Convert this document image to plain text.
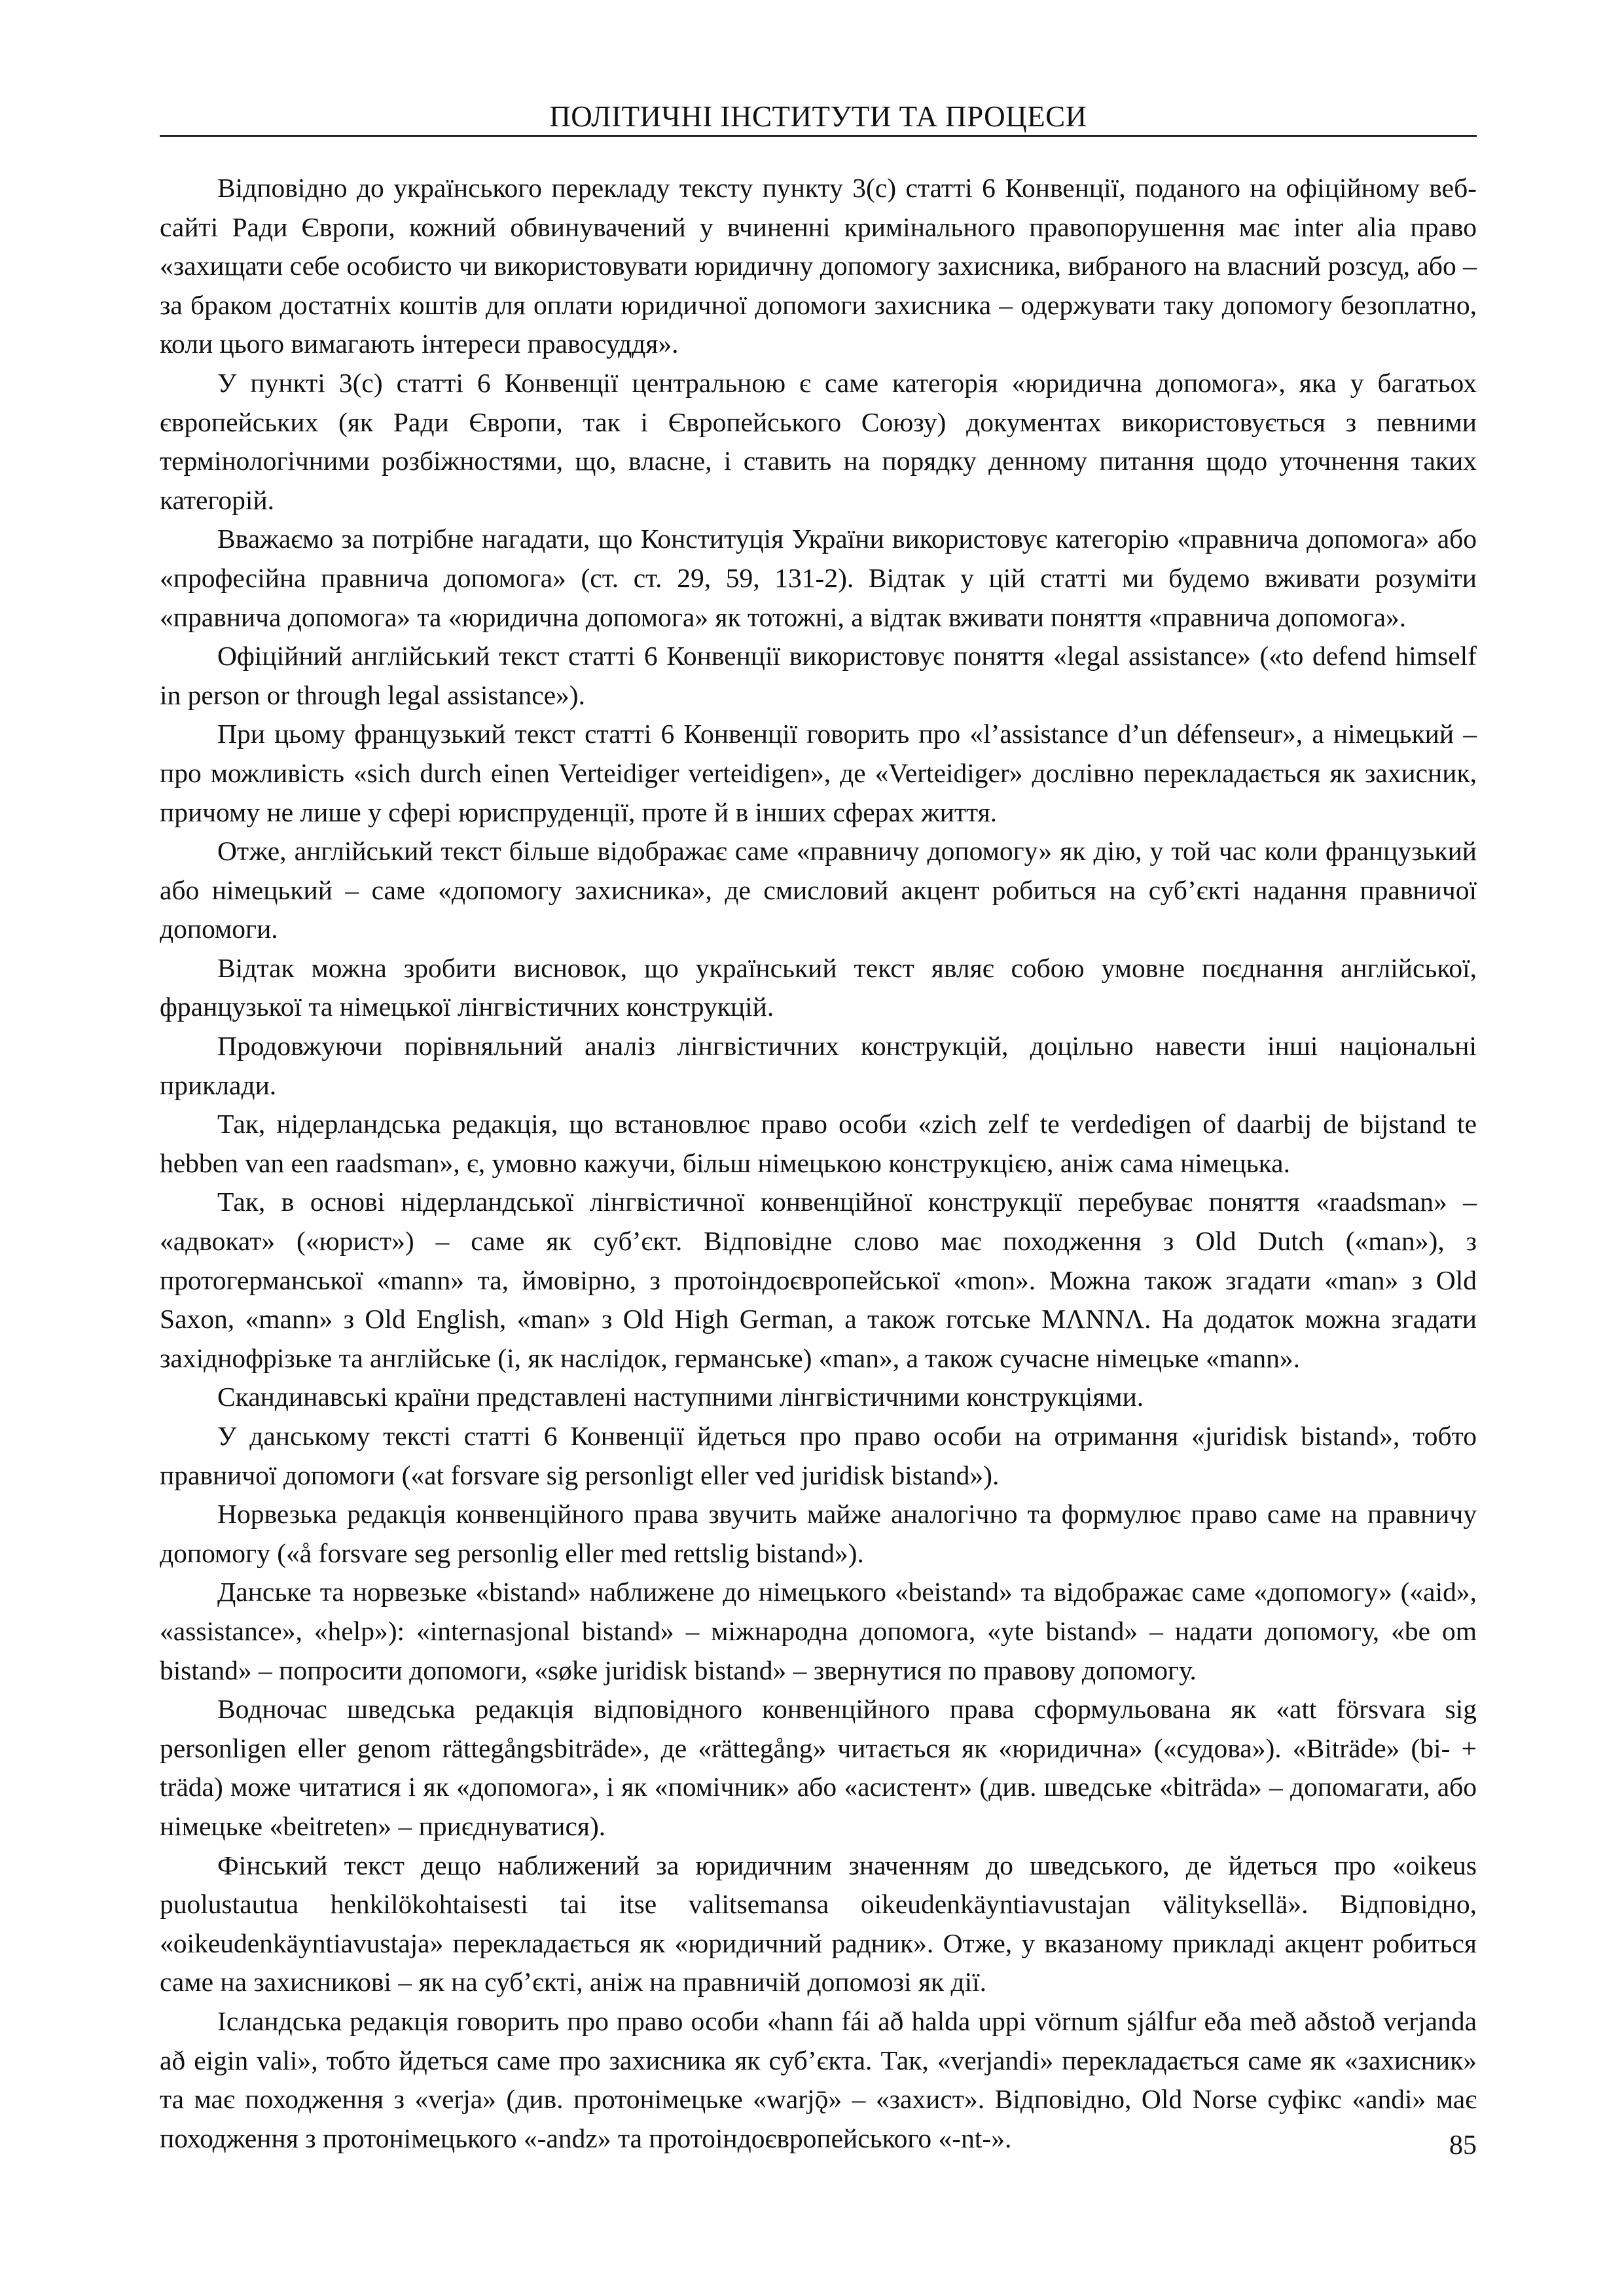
ПОЛІТИЧНІ ІНСТИТУТИ ТА ПРОЦЕСИ

Відповідно до українського перекладу тексту пункту 3(с) статті 6 Конвенції, поданого на офіційному веб-сайті Ради Європи, кожний обвинувачений у вчиненні кримінального правопорушення має inter alia право «захищати себе особисто чи використовувати юридичну допомогу захисника, вибраного на власний розсуд, або – за браком достатніх коштів для оплати юридичної допомоги захисника – одержувати таку допомогу безоплатно, коли цього вимагають інтереси правосуддя».

У пункті 3(с) статті 6 Конвенції центральною є саме категорія «юридична допомога», яка у багатьох європейських (як Ради Європи, так і Європейського Союзу) документах використовується з певними термінологічними розбіжностями, що, власне, і ставить на порядку денному питання щодо уточнення таких категорій.

Вважаємо за потрібне нагадати, що Конституція України використовує категорію «правнича допомога» або «професійна правнича допомога» (ст. ст. 29, 59, 131-2). Відтак у цій статті ми будемо вживати розуміти «правнича допомога» та «юридична допомога» як тотожні, а відтак вживати поняття «правнича допомога».

Офіційний англійський текст статті 6 Конвенції використовує поняття «legal assistance» («to defend himself in person or through legal assistance»).

При цьому французький текст статті 6 Конвенції говорить про «l’assistance d’un défenseur», а німецький – про можливість «sich durch einen Verteidiger verteidigen», де «Verteidiger» дослівно перекладається як захисник, причому не лише у сфері юриспруденції, проте й в інших сферах життя.

Отже, англійський текст більше відображає саме «правничу допомогу» як дію, у той час коли французький або німецький – саме «допомогу захисника», де смисловий акцент робиться на суб’єкті надання правничої допомоги.

Відтак можна зробити висновок, що український текст являє собою умовне поєднання англійської, французької та німецької лінгвістичних конструкцій.

Продовжуючи порівняльний аналіз лінгвістичних конструкцій, доцільно навести інші національні приклади.

Так, нідерландська редакція, що встановлює право особи «zich zelf te verdedigen of daarbij de bijstand te hebben van een raadsman», є, умовно кажучи, більш німецькою конструкцією, аніж сама німецька.

Так, в основі нідерландської лінгвістичної конвенційної конструкції перебуває поняття «raadsman» – «адвокат» («юрист») – саме як суб’єкт. Відповідне слово має походження з Old Dutch («man»), з протогерманської «mann» та, ймовірно, з протоіндоєвропейської «mon». Можна також згадати «man» з Old Saxon, «mann» з Old English, «man» з Old High German, а також готське MɅNNɅ. На додаток можна згадати західнофрізьке та англійське (і, як наслідок, германське) «man», а також сучасне німецьке «mann».

Скандинавські країни представлені наступними лінгвістичними конструкціями.

У данському тексті статті 6 Конвенції йдеться про право особи на отримання «juridisk bistand», тобто правничої допомоги («at forsvare sig personligt eller ved juridisk bistand»).

Норвезька редакція конвенційного права звучить майже аналогічно та формулює право саме на правничу допомогу («å forsvare seg personlig eller med rettslig bistand»).

Данське та норвезьке «bistand» наближене до німецького «beistand» та відображає саме «допомогу» («aid», «assistance», «help»): «internasjonal bistand» – міжнародна допомога, «yte bistand» – надати допомогу, «be om bistand» – попросити допомоги, «søke juridisk bistand» – звернутися по правову допомогу.

Водночас шведська редакція відповідного конвенційного права сформульована як «att försvara sig personligen eller genom rättegångsbiträde», де «rättegång» читається як «юридична» («судова»). «Biträde» (bi- + träda) може читатися і як «допомога», і як «помічник» або «асистент» (див. шведське «biträda» – допомагати, або німецьке «beitreten» – приєднуватися).

Фінський текст дещо наближений за юридичним значенням до шведського, де йдеться про «oikeus puolustautua henkilökohtaisesti tai itse valitsemansa oikeudenkäyntiavustajan välityksellä». Відповідно, «oikeudenkäyntiavustaja» перекладається як «юридичний радник». Отже, у вказаному прикладі акцент робиться саме на захисникові – як на суб’єкті, аніж на правничій допомозі як дії.

Ісландська редакція говорить про право особи «hann fái að halda uppi vörnum sjálfur eða með aðstoð verjanda að eigin vali», тобто йдеться саме про захисника як суб’єкта. Так, «verjandi» перекладається саме як «захисник» та має походження з «verja» (див. протонімецьке «warjǭ» – «захист». Відповідно, Old Norse суфікс «andi» має походження з протонімецького «-andz» та протоіндоєвропейського «-nt-».	85
